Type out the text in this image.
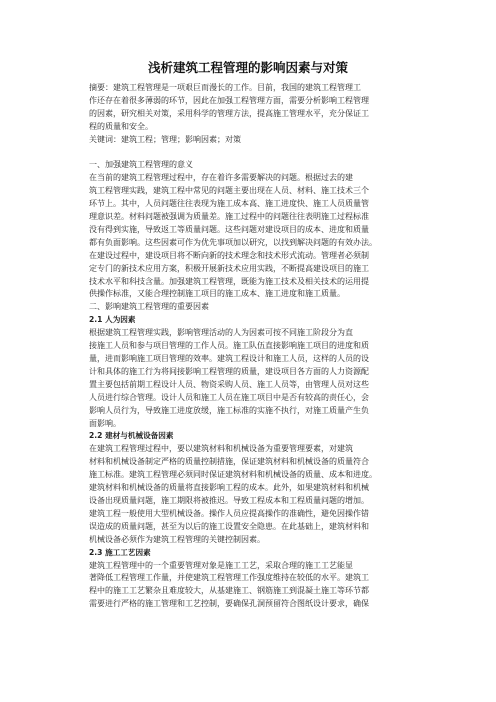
浅析建筑工程管理的影响因素与对策

摘要：建筑工程管理是一项艰巨而漫长的工作。目前，我国的建筑工程管理工

作还存在着很多薄弱的环节，因此在加强工程管理方面，需要分析影响工程管理

的因素，研究相关对策，采用科学的管理方法，提高施工管理水平，充分保证工

程的质量和安全。

关键词：建筑工程；管理；影响因素；对策

一、加强建筑工程管理的意义

在当前的建筑工程管理过程中，存在着许多需要解决的问题。根据过去的建

筑工程管理实践，建筑工程中常见的问题主要出现在人员、材料、施工技术三个

环节上。其中，人员问题往往表现为施工成本高、施工进度快、施工人员质量管

理意识差。材料问题被强调为质量差。施工过程中的问题往往表明施工过程标准

没有得到实施，导致返工等质量问题。这些问题对建设项目的成本、进度和质量

都有负面影响。这些因素可作为优先事项加以研究，以找到解决问题的有效办法。

在建设过程中，建设项目将不断向新的技术理念和技术形式流动。管理者必须制

定专门的新技术应用方案，积极开展新技术应用实践，不断提高建设项目的施工

技术水平和科技含量。加强建筑工程管理，既能为施工技术及相关技术的运用提

供操作标准，又能合理控制施工项目的施工成本、施工进度和施工质量。

二、影响建筑工程管理的重要因素

2.1 人为因素

根据建筑工程管理实践，影响管理活动的人为因素可按不同施工阶段分为直

接施工人员和参与项目管理的工作人员。施工队伍直接影响施工项目的进度和质

量，进而影响施工项目管理的效率。建筑工程设计和施工人员，这样的人员的设

计和具体的施工行为将间接影响工程管理的质量，建设项目各方面的人力资源配

置主要包括前期工程设计人员、物资采购人员、施工人员等，由管理人员对这些

人员进行综合管理。设计人员和施工人员在施工项目中是否有较高的责任心，会

影响人员行为，导致施工进度放缓，施工标准的实施不执行，对施工质量产生负

面影响。

2.2 建材与机械设备因素

在建筑工程管理过程中，要以建筑材料和机械设备为重要管理要素，对建筑

材料和机械设备制定严格的质量控制措施，保证建筑材料和机械设备的质量符合

施工标准。建筑工程管理必须同时保证建筑材料和机械设备的质量、成本和进度。

建筑材料和机械设备的质量将直接影响工程的成本。此外，如果建筑材料和机械

设备出现质量问题，施工期限将被推迟。导致工程成本和工程质量问题的增加。

建筑工程一般使用大型机械设备。操作人员应提高操作的准确性，避免因操作错

误造成的质量问题，甚至为以后的施工设置安全隐患。在此基础上，建筑材料和

机械设备必须作为建筑工程管理的关键控制因素。

2.3 施工工艺因素

建筑工程管理中的一个重要管理对象是施工工艺，采取合理的施工工艺能显

著降低工程管理工作量，并使建筑工程管理工作强度维持在较低的水平。建筑工

程中的施工工艺繁杂且难度较大，从基建施工、钢筋施工到混凝土施工等环节都

需要进行严格的施工管理和工艺控制，要确保孔洞预留符合图纸设计要求，确保
